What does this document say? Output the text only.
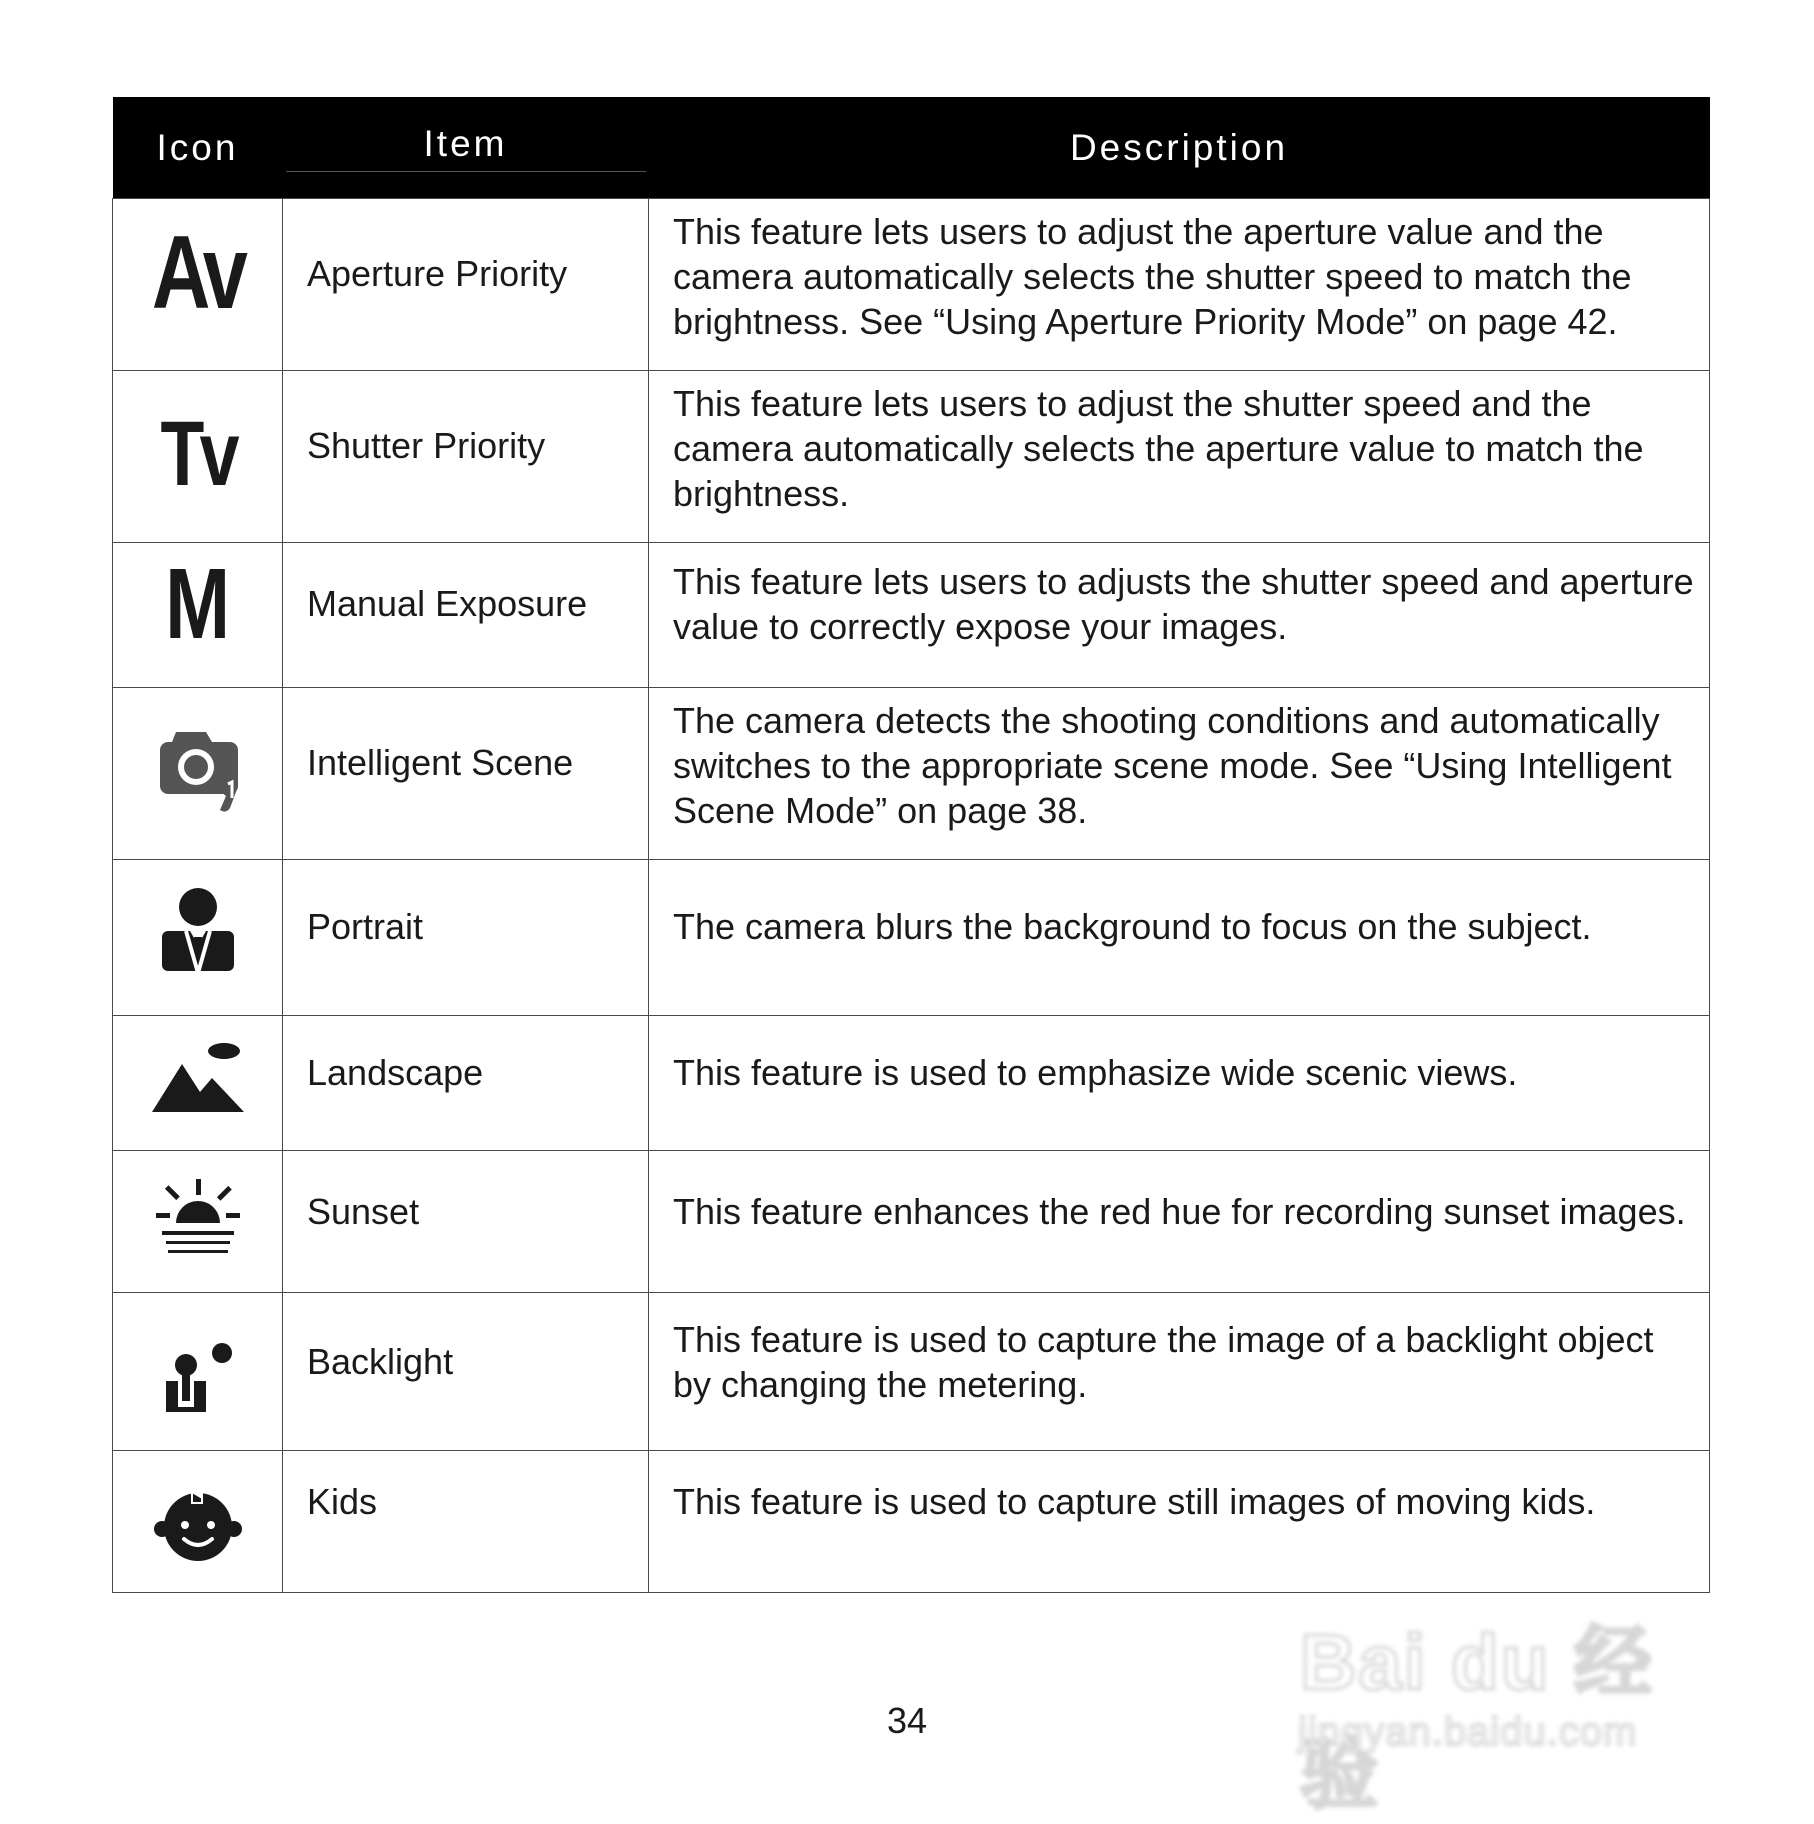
Icon	Item	Description
Av	Aperture Priority	This feature lets users to adjust the aperture value and the camera automatically selects the shutter speed to match the brightness. See “Using Aperture Priority Mode” on page 42.
Tv	Shutter Priority	This feature lets users to adjust the shutter speed and the camera automatically selects the aperture value to match the brightness.
M	Manual Exposure	This feature lets users to adjusts the shutter speed and aperture value to correctly expose your images.

	Intelligent Scene	The camera detects the shooting conditions and automatically switches to the appropriate scene mode. See “Using Intelligent Scene Mode” on page 38.

	Portrait	The camera blurs the background to focus on the subject.

	Landscape	This feature is used to emphasize wide scenic views.

	Sunset	This feature enhances the red hue for recording sunset images.

	Backlight	This feature is used to capture the image of a backlight object by changing the metering.

	Kids	This feature is used to capture still images of moving kids.
34
Bai du 经验
jingyan.baidu.com
